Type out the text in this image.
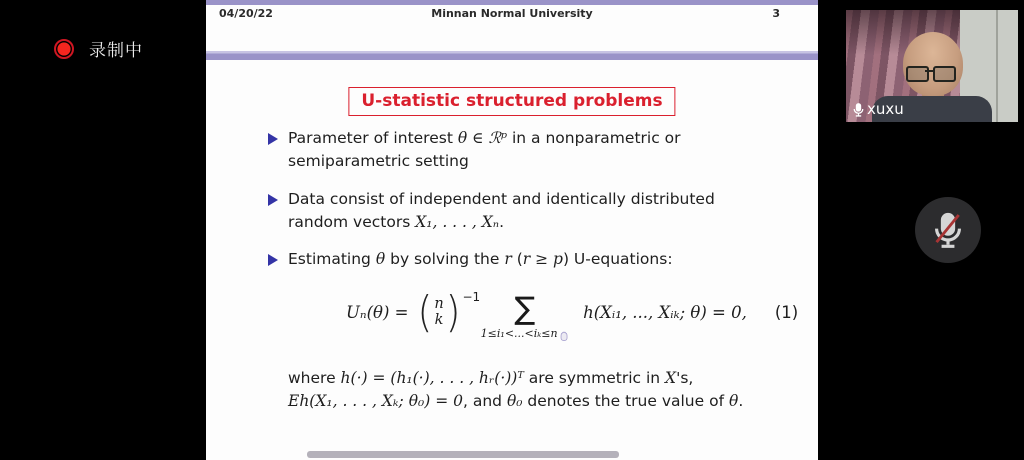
录制中
04/20/22	Minnan Normal University	3
U-statistic structured problems
Parameter of interest θ ∈ ℛᵖ in a nonparametric or
semiparametric setting
Data consist of independent and identically distributed
random vectors X₁, . . . , Xₙ.
Estimating θ by solving the r (r ≥ p) U-equations:
Uₙ(θ) = ( n
k ) −1 ∑
1≤i₁<...<iₖ≤n
h(Xᵢ₁, ..., Xᵢₖ; θ) = 0, (1)
where h(·) = (h₁(·), . . . , hᵣ(·))ᵀ are symmetric in X's,
Eh(X₁, . . . , Xₖ; θ₀) = 0, and θ₀ denotes the true value of θ.
xuxu
